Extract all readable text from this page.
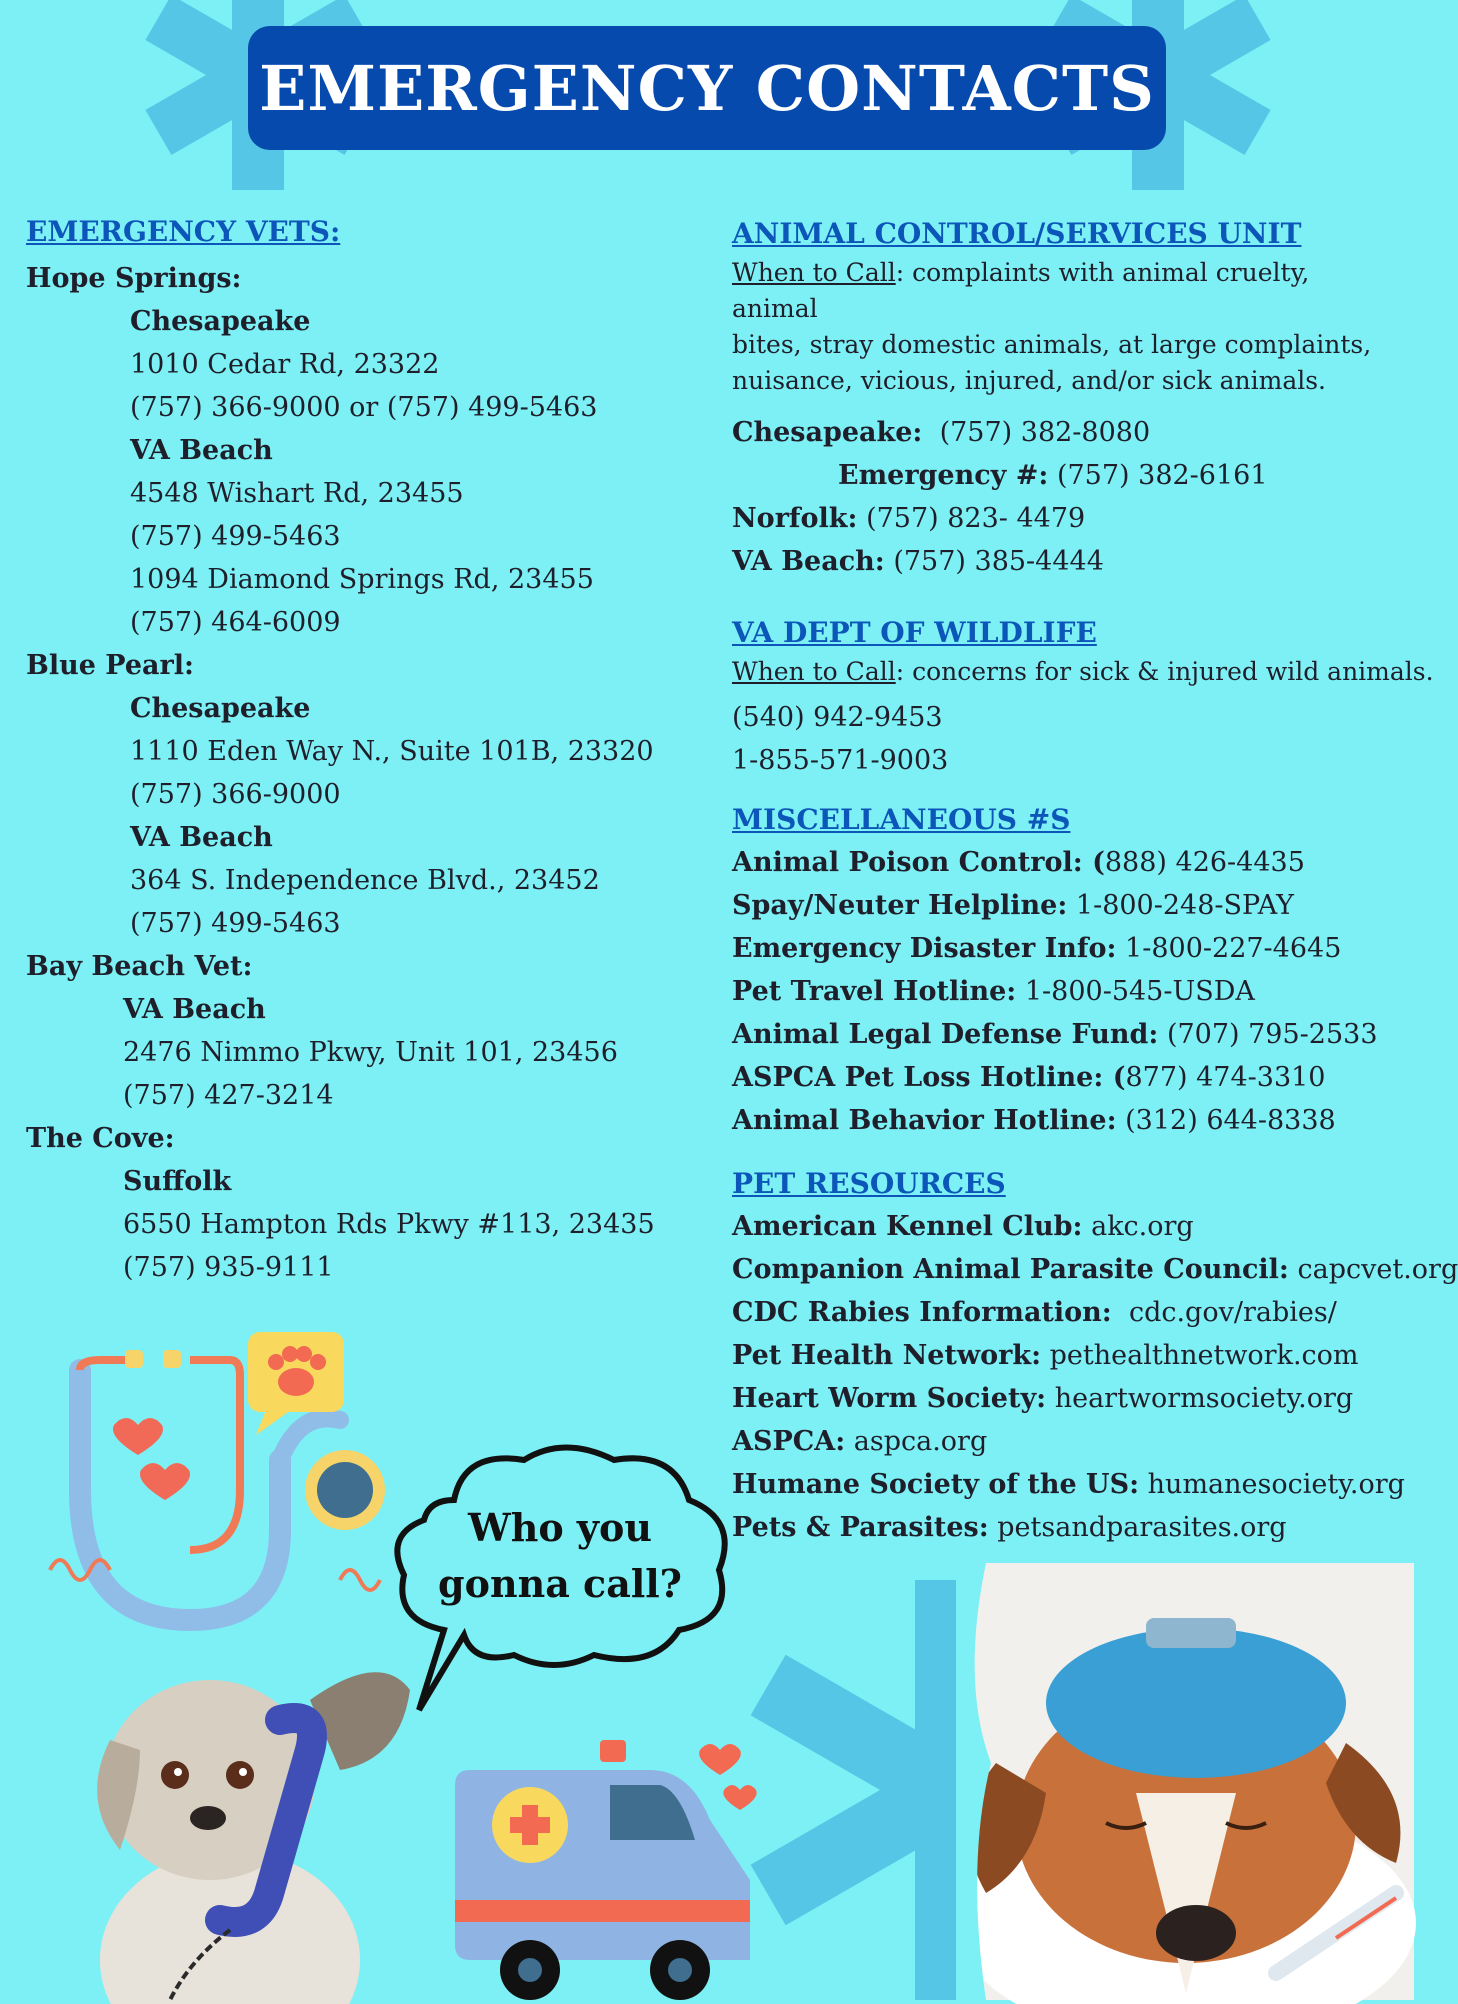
EMERGENCY CONTACTS
EMERGENCY VETS:
Hope Springs:
Chesapeake
1010 Cedar Rd, 23322
(757) 366-9000 or (757) 499-5463
VA Beach
4548 Wishart Rd, 23455
(757) 499-5463
1094 Diamond Springs Rd, 23455
(757) 464-6009
Blue Pearl:
Chesapeake
1110 Eden Way N., Suite 101B, 23320
(757) 366-9000
VA Beach
364 S. Independence Blvd., 23452
(757) 499-5463
Bay Beach Vet:
VA Beach
2476 Nimmo Pkwy, Unit 101, 23456
(757) 427-3214
The Cove:
Suffolk
6550 Hampton Rds Pkwy #113, 23435
(757) 935-9111
ANIMAL CONTROL/SERVICES UNIT
When to Call: complaints with animal cruelty, animal
bites, stray domestic animals, at large complaints,
nuisance, vicious, injured, and/or sick animals.
Chesapeake: (757) 382-8080
Emergency #: (757) 382-6161
Norfolk: (757) 823- 4479
VA Beach: (757) 385-4444
VA DEPT OF WILDLIFE
When to Call: concerns for sick & injured wild animals.
(540) 942-9453
1-855-571-9003
MISCELLANEOUS #S
Animal Poison Control: (888) 426-4435
Spay/Neuter Helpline: 1-800-248-SPAY
Emergency Disaster Info: 1-800-227-4645
Pet Travel Hotline: 1-800-545-USDA
Animal Legal Defense Fund: (707) 795-2533
ASPCA Pet Loss Hotline: (877) 474-3310
Animal Behavior Hotline: (312) 644-8338
PET RESOURCES
American Kennel Club: akc.org
Companion Animal Parasite Council: capcvet.org
CDC Rabies Information:  cdc.gov/rabies/
Pet Health Network: pethealthnetwork.com
Heart Worm Society: heartwormsociety.org
ASPCA: aspca.org
Humane Society of the US: humanesociety.org
Pets & Parasites: petsandparasites.org
Who you
gonna call?
